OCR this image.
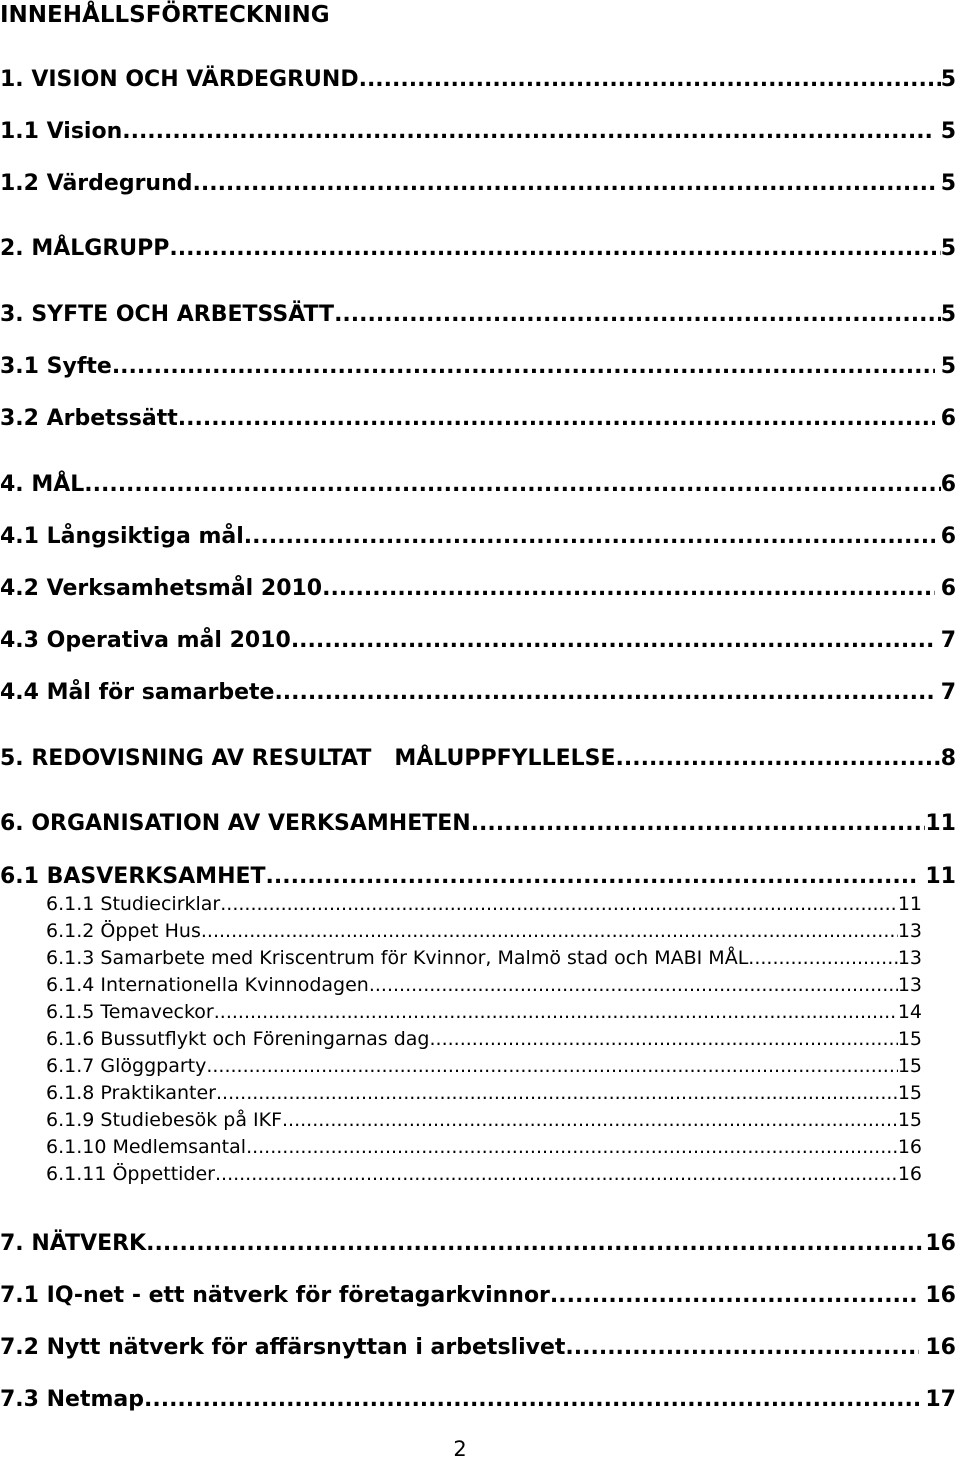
INNEHÅLLSFÖRTECKNING
1. VISION OCH VÄRDEGRUND .....	5
1.1 Vision .....	5
1.2 Värdegrund .....	5
2. MÅLGRUPP .....	5
3. SYFTE OCH ARBETSSÄTT .....	5
3.1 Syfte .....	5
3.2 Arbetssätt .....	6
4. MÅL .....	6
4.1 Långsiktiga mål .....	6
4.2 Verksamhetsmål 2010 .....	6
4.3 Operativa mål 2010 .....	7
4.4 Mål för samarbete .....	7
5. REDOVISNING AV RESULTAT   MÅLUPPFYLLELSE .....	8
6. ORGANISATION AV VERKSAMHETEN .....	11
6.1 BASVERKSAMHET .....	11
6.1.1 Studiecirklar .....	11
6.1.2 Öppet Hus .....	13
6.1.3 Samarbete med Kriscentrum för Kvinnor, Malmö stad och MABI MÅL .....	13
6.1.4 Internationella Kvinnodagen .....	13
6.1.5 Temaveckor .....	14
6.1.6 Bussutflykt och Föreningarnas dag .....	15
6.1.7 Glöggparty .....	15
6.1.8 Praktikanter .....	15
6.1.9 Studiebesök på IKF .....	15
6.1.10 Medlemsantal .....	16
6.1.11 Öppettider .....	16
7. NÄTVERK .....	16
7.1 IQ-net - ett nätverk för företagarkvinnor .....	16
7.2 Nytt nätverk för affärsnyttan i arbetslivet .....	16
7.3 Netmap .....	17
2
